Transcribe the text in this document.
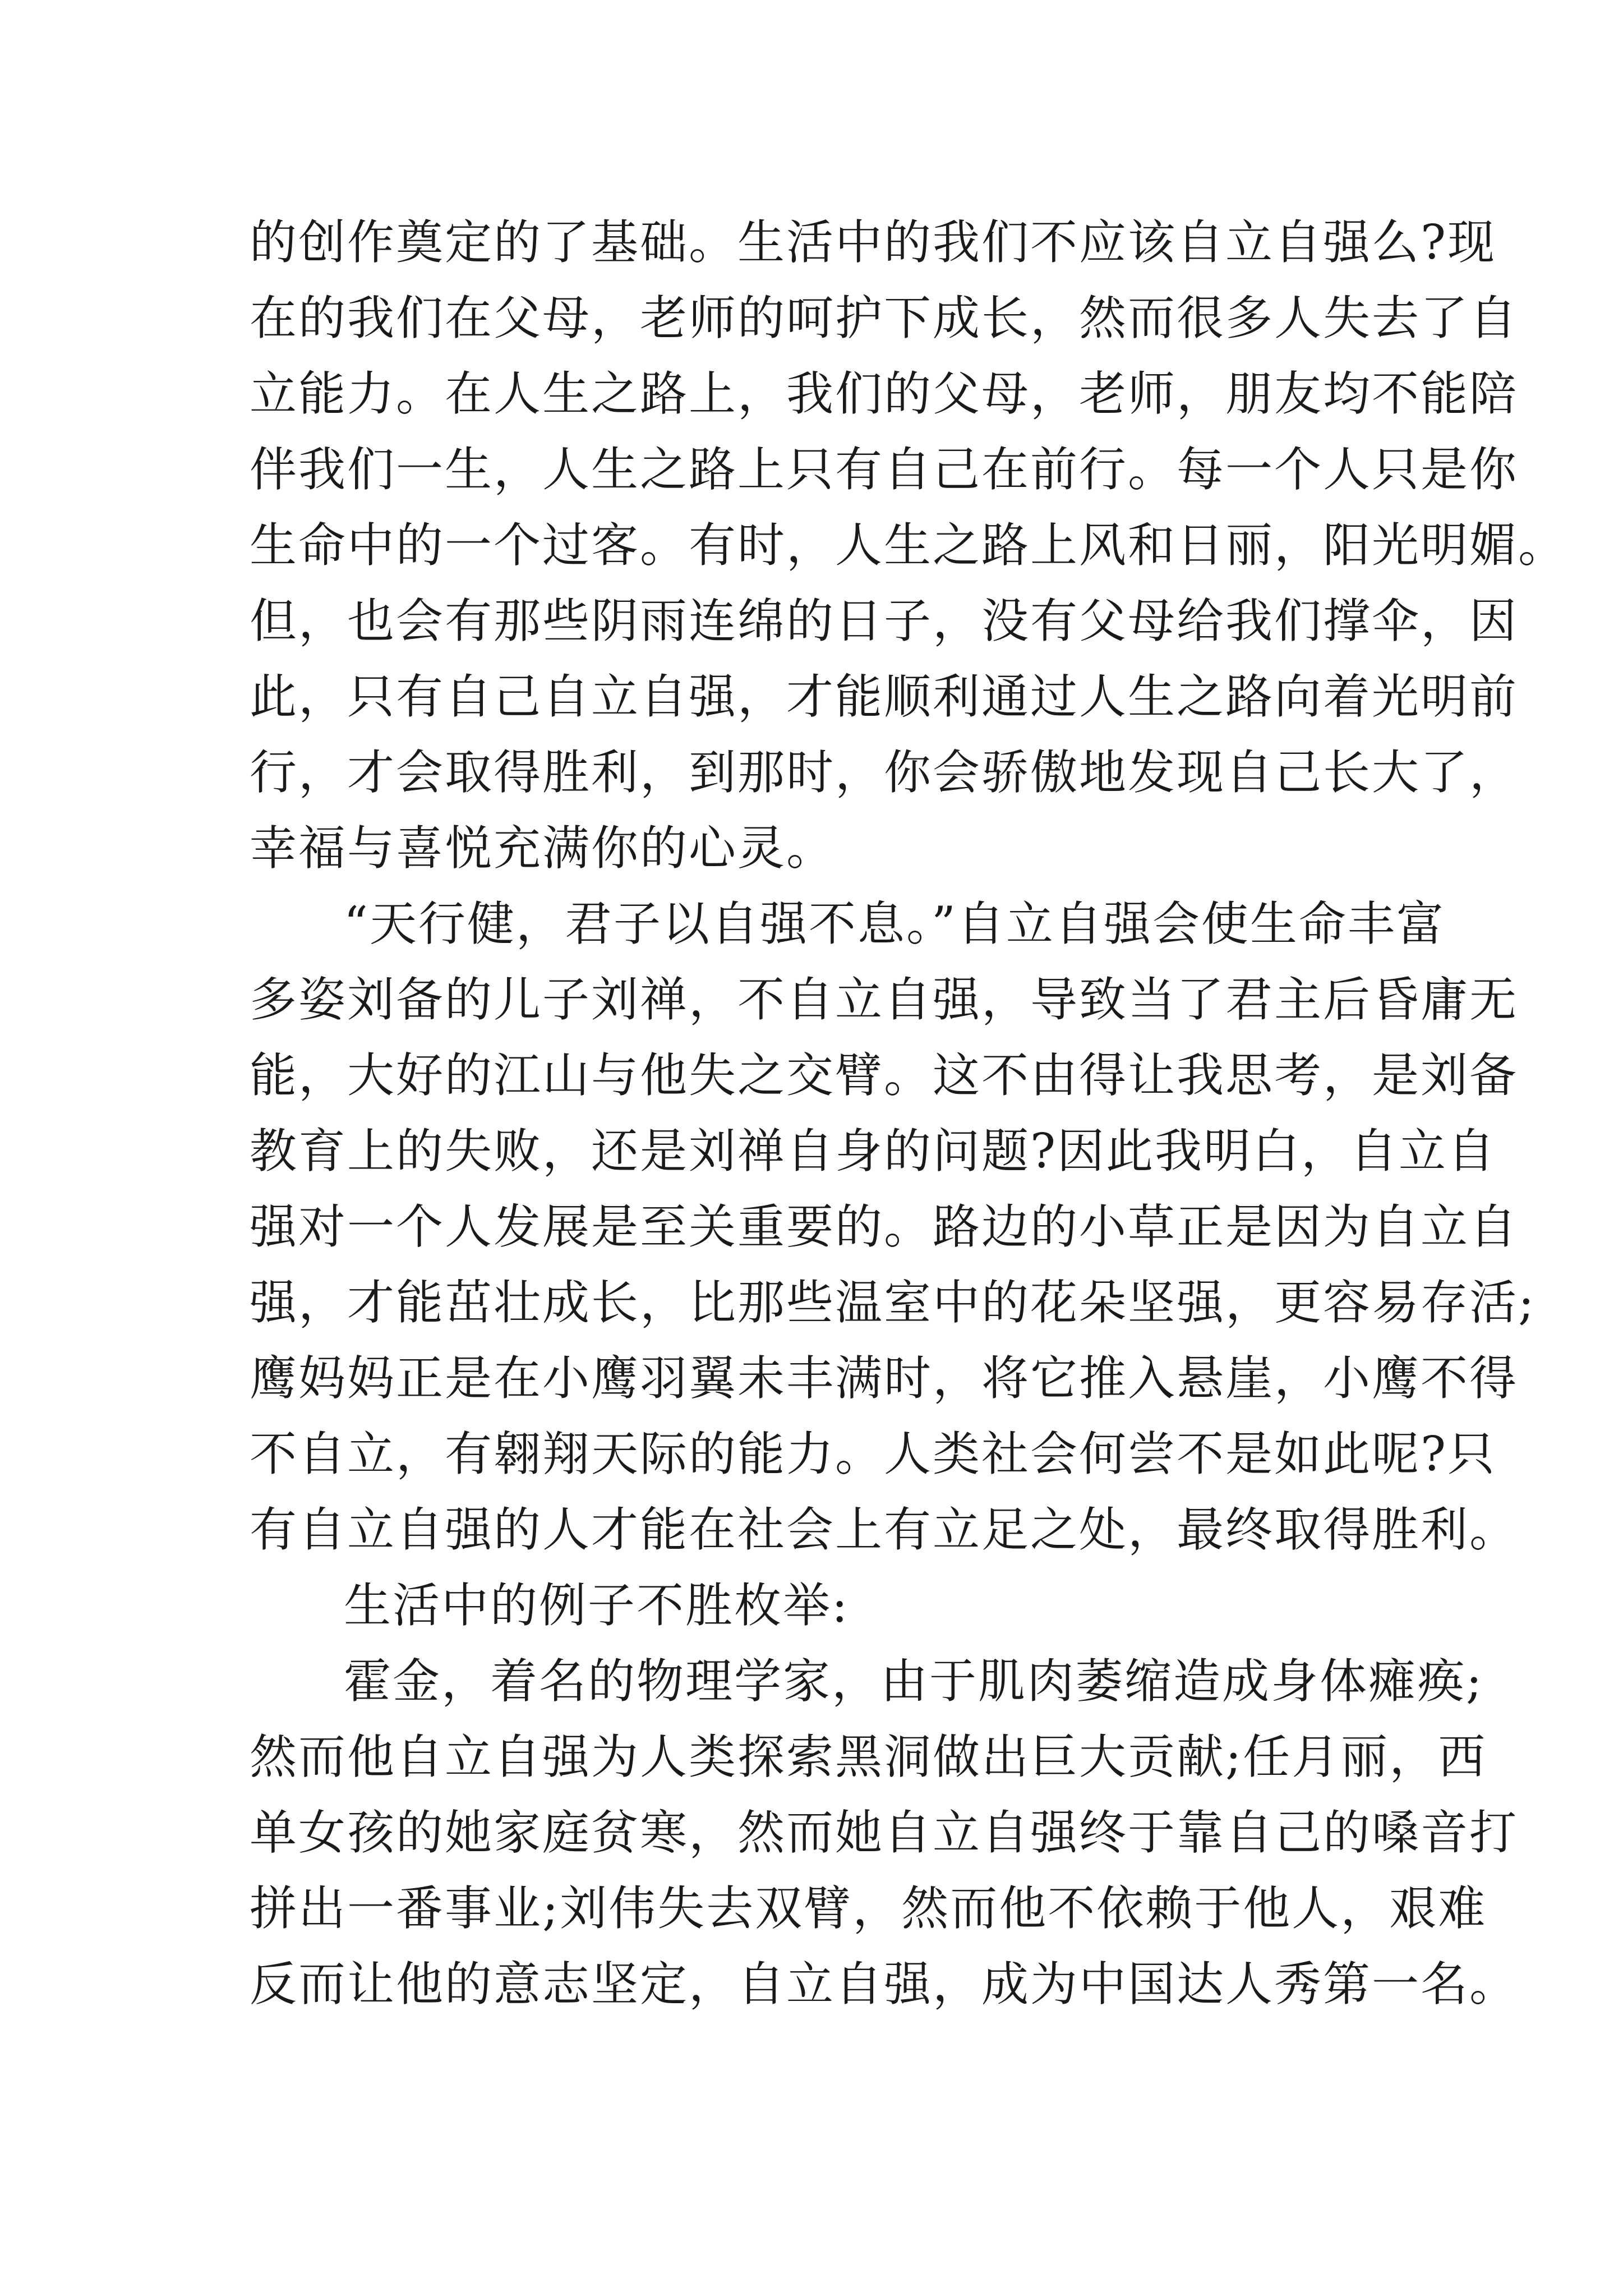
的创作奠定的了基础。生活中的我们不应该自立自强么?现
在的我们在父母，老师的呵护下成长，然而很多人失去了自
立能力。在人生之路上，我们的父母，老师，朋友均不能陪
伴我们一生，人生之路上只有自己在前行。每一个人只是你
生命中的一个过客。有时，人生之路上风和日丽，阳光明媚。
但，也会有那些阴雨连绵的日子，没有父母给我们撑伞，因
此，只有自己自立自强，才能顺利通过人生之路向着光明前
行，才会取得胜利，到那时，你会骄傲地发现自己长大了，
幸福与喜悦充满你的心灵。
“天行健，君子以自强不息。”自立自强会使生命丰富
多姿刘备的儿子刘禅，不自立自强，导致当了君主后昏庸无
能，大好的江山与他失之交臂。这不由得让我思考，是刘备
教育上的失败，还是刘禅自身的问题?因此我明白，自立自
强对一个人发展是至关重要的。路边的小草正是因为自立自
强，才能茁壮成长，比那些温室中的花朵坚强，更容易存活;
鹰妈妈正是在小鹰羽翼未丰满时，将它推入悬崖，小鹰不得
不自立，有翱翔天际的能力。人类社会何尝不是如此呢?只
有自立自强的人才能在社会上有立足之处，最终取得胜利。
生活中的例子不胜枚举:
霍金，着名的物理学家，由于肌肉萎缩造成身体瘫痪;
然而他自立自强为人类探索黑洞做出巨大贡献;任月丽，西
单女孩的她家庭贫寒，然而她自立自强终于靠自己的嗓音打
拼出一番事业;刘伟失去双臂，然而他不依赖于他人，艰难
反而让他的意志坚定，自立自强，成为中国达人秀第一名。
